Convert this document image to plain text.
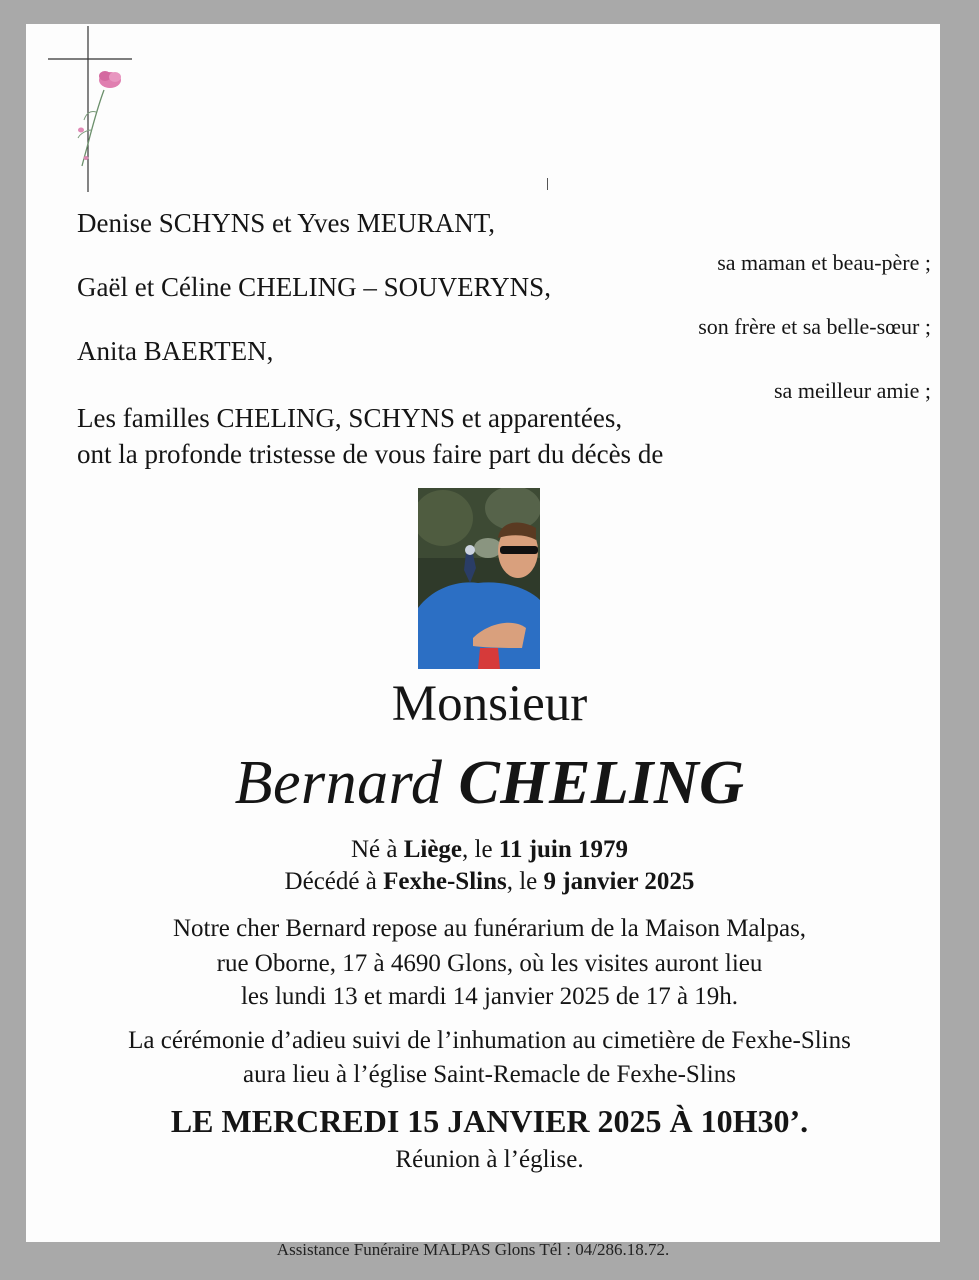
Denise SCHYNS et Yves MEURANT,
sa maman et beau-père ;
Gaël et Céline CHELING – SOUVERYNS,
son frère et sa belle-sœur ;
Anita BAERTEN,
sa meilleur amie ;
Les familles CHELING, SCHYNS et apparentées,
ont la profonde tristesse de vous faire part du décès de
Monsieur
Bernard CHELING
Né à Liège, le 11 juin 1979
Décédé à Fexhe-Slins, le 9 janvier 2025
Notre cher Bernard repose au funérarium de la Maison Malpas,
rue Oborne, 17 à 4690 Glons, où les visites auront lieu
les lundi 13 et mardi 14 janvier 2025 de 17 à 19h.
La cérémonie d’adieu suivi de l’inhumation au cimetière de Fexhe-Slins
aura lieu à l’église Saint-Remacle de Fexhe-Slins
LE MERCREDI 15 JANVIER 2025 À 10H30’.
Réunion à l’église.
Assistance Funéraire MALPAS Glons Tél : 04/286.18.72.
